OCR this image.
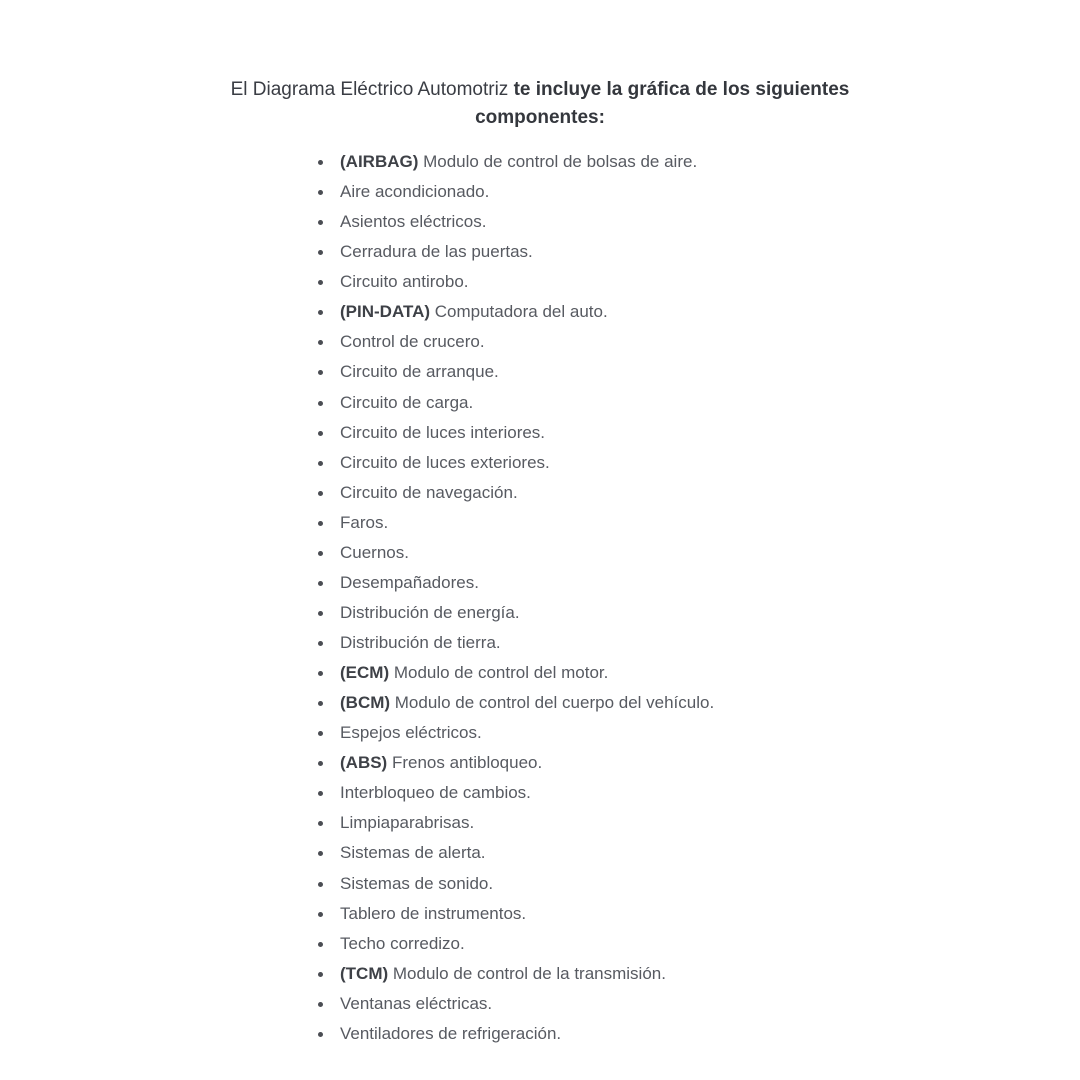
El Diagrama Eléctrico Automotriz te incluye la gráfica de los siguientes componentes:
(AIRBAG) Modulo de control de bolsas de aire.
Aire acondicionado.
Asientos eléctricos.
Cerradura de las puertas.
Circuito antirobo.
(PIN-DATA) Computadora del auto.
Control de crucero.
Circuito de arranque.
Circuito de carga.
Circuito de luces interiores.
Circuito de luces exteriores.
Circuito de navegación.
Faros.
Cuernos.
Desempañadores.
Distribución de energía.
Distribución de tierra.
(ECM) Modulo de control del motor.
(BCM) Modulo de control del cuerpo del vehículo.
Espejos eléctricos.
(ABS) Frenos antibloqueo.
Interbloqueo de cambios.
Limpiaparabrisas.
Sistemas de alerta.
Sistemas de sonido.
Tablero de instrumentos.
Techo corredizo.
(TCM) Modulo de control de la transmisión.
Ventanas eléctricas.
Ventiladores de refrigeración.
